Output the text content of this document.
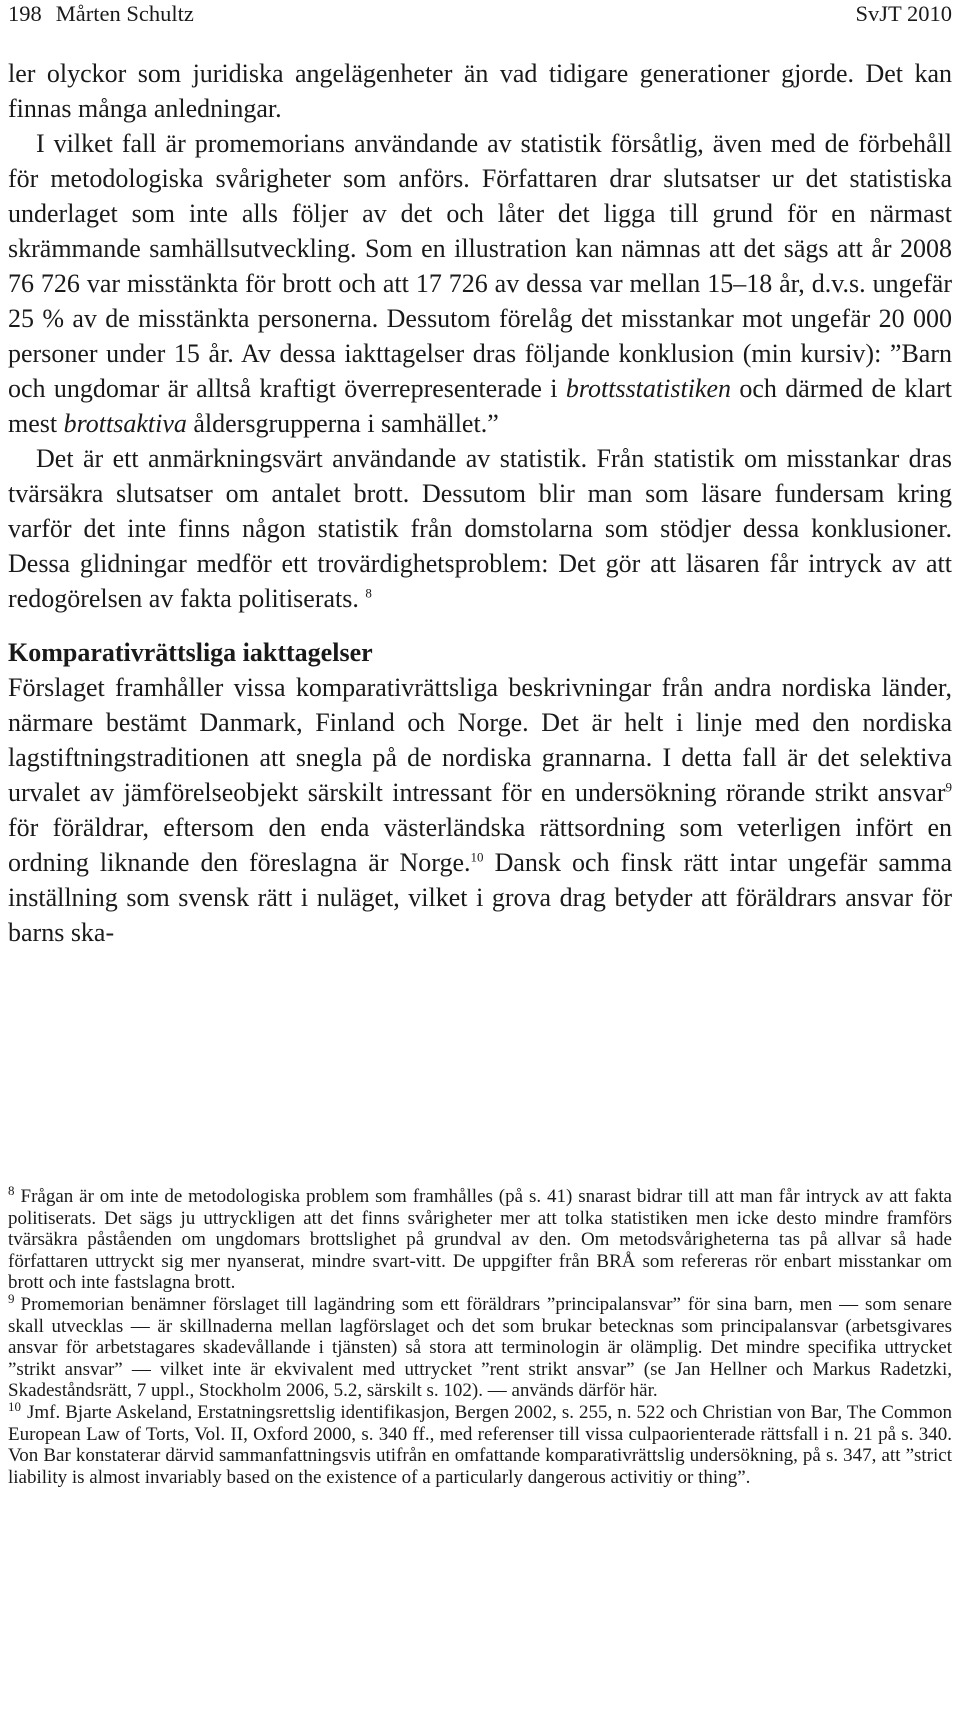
198 Mårten Schultz	SvJT 2010

ler olyckor som juridiska angelägenheter än vad tidigare generationer gjorde. Det kan finnas många anledningar.

I vilket fall är promemorians användande av statistik försåtlig, även med de förbehåll för metodologiska svårigheter som anförs. Författaren drar slutsatser ur det statistiska underlaget som inte alls följer av det och låter det ligga till grund för en närmast skrämmande samhällsutveckling. Som en illustration kan nämnas att det sägs att år 2008 76 726 var misstänkta för brott och att 17 726 av dessa var mellan 15–18 år, d.v.s. ungefär 25 % av de misstänkta personerna. Dessutom förelåg det misstankar mot ungefär 20 000 personer under 15 år. Av dessa iakttagelser dras följande konklusion (min kursiv): ”Barn och ungdomar är alltså kraftigt överrepresenterade i brottsstatistiken och därmed de klart mest brottsaktiva åldersgrupperna i samhället.”

Det är ett anmärkningsvärt användande av statistik. Från statistik om misstankar dras tvärsäkra slutsatser om antalet brott. Dessutom blir man som läsare fundersam kring varför det inte finns någon statistik från domstolarna som stödjer dessa konklusioner. Dessa glidningar medför ett trovärdighetsproblem: Det gör att läsaren får intryck av att redogörelsen av fakta politiserats. $^8$

Komparativrättsliga iakttagelser

Förslaget framhåller vissa komparativrättsliga beskrivningar från andra nordiska länder, närmare bestämt Danmark, Finland och Norge. Det är helt i linje med den nordiska lagstiftningstraditionen att snegla på de nordiska grannarna. I detta fall är det selektiva urvalet av jämförelseobjekt särskilt intressant för en undersökning rörande strikt ansvar$^9$ för föräldrar, eftersom den enda västerländska rättsordning som veterligen infört en ordning liknande den föreslagna är Norge.$^{10}$ Dansk och finsk rätt intar ungefär samma inställning som svensk rätt i nuläget, vilket i grova drag betyder att föräldrars ansvar för barns ska-

$^8$ Frågan är om inte de metodologiska problem som framhålles (på s. 41) snarast bidrar till att man får intryck av att fakta politiserats. Det sägs ju uttryckligen att det finns svårigheter mer att tolka statistiken men icke desto mindre framförs tvärsäkra påståenden om ungdomars brottslighet på grundval av den. Om metodsvårigheterna tas på allvar så hade författaren uttryckt sig mer nyanserat, mindre svart-vitt. De uppgifter från BRÅ som refereras rör enbart misstankar om brott och inte fastslagna brott.

$^9$ Promemorian benämner förslaget till lagändring som ett föräldrars ”principalansvar” för sina barn, men — som senare skall utvecklas — är skillnaderna mellan lagförslaget och det som brukar betecknas som principalansvar (arbetsgivares ansvar för arbetstagares skadevållande i tjänsten) så stora att terminologin är olämplig. Det mindre specifika uttrycket ”strikt ansvar” — vilket inte är ekvivalent med uttrycket ”rent strikt ansvar” (se Jan Hellner och Markus Radetzki, Skadeståndsrätt, 7 uppl., Stockholm 2006, 5.2, särskilt s. 102). — används därför här.

$^{10}$ Jmf. Bjarte Askeland, Erstatningsrettslig identifikasjon, Bergen 2002, s. 255, n. 522 och Christian von Bar, The Common European Law of Torts, Vol. II, Oxford 2000, s. 340 ff., med referenser till vissa culpaorienterade rättsfall i n. 21 på s. 340. Von Bar konstaterar därvid sammanfattningsvis utifrån en omfattande komparativrättslig undersökning, på s. 347, att ”strict liability is almost invariably based on the existence of a particularly dangerous activitiy or thing”.
